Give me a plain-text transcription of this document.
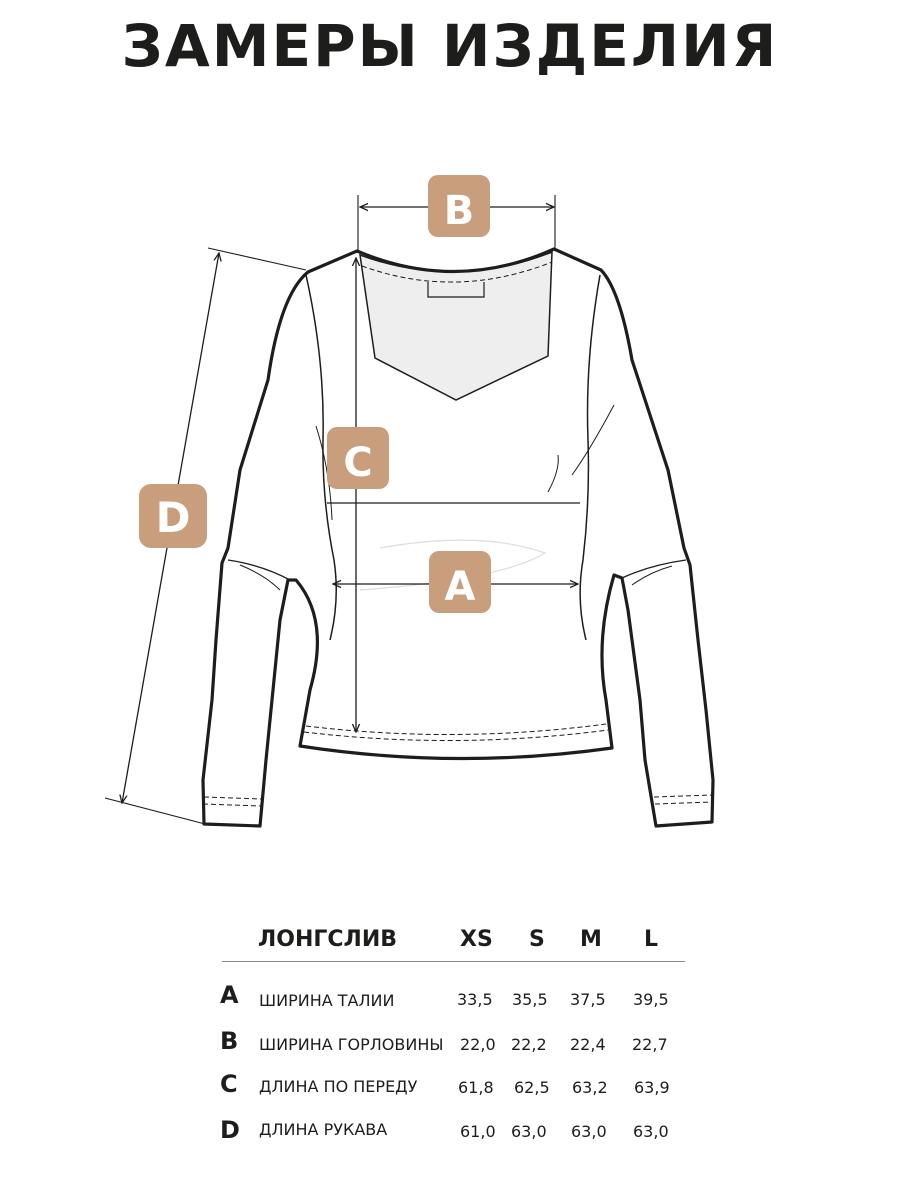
ЗАМЕРЫ ИЗДЕЛИЯ
B
C
A
D
ЛОНГСЛИВ	XS S M L
A ШИРИНА ТАЛИИ	33,5 35,5 37,5 39,5
B ШИРИНА ГОРЛОВИНЫ 22,0 22,2 22,4 22,7
C ДЛИНА ПО ПЕРЕДУ	61,8 62,5 63,2 63,9
D ДЛИНА РУКАВА	61,0 63,0 63,0 63,0
